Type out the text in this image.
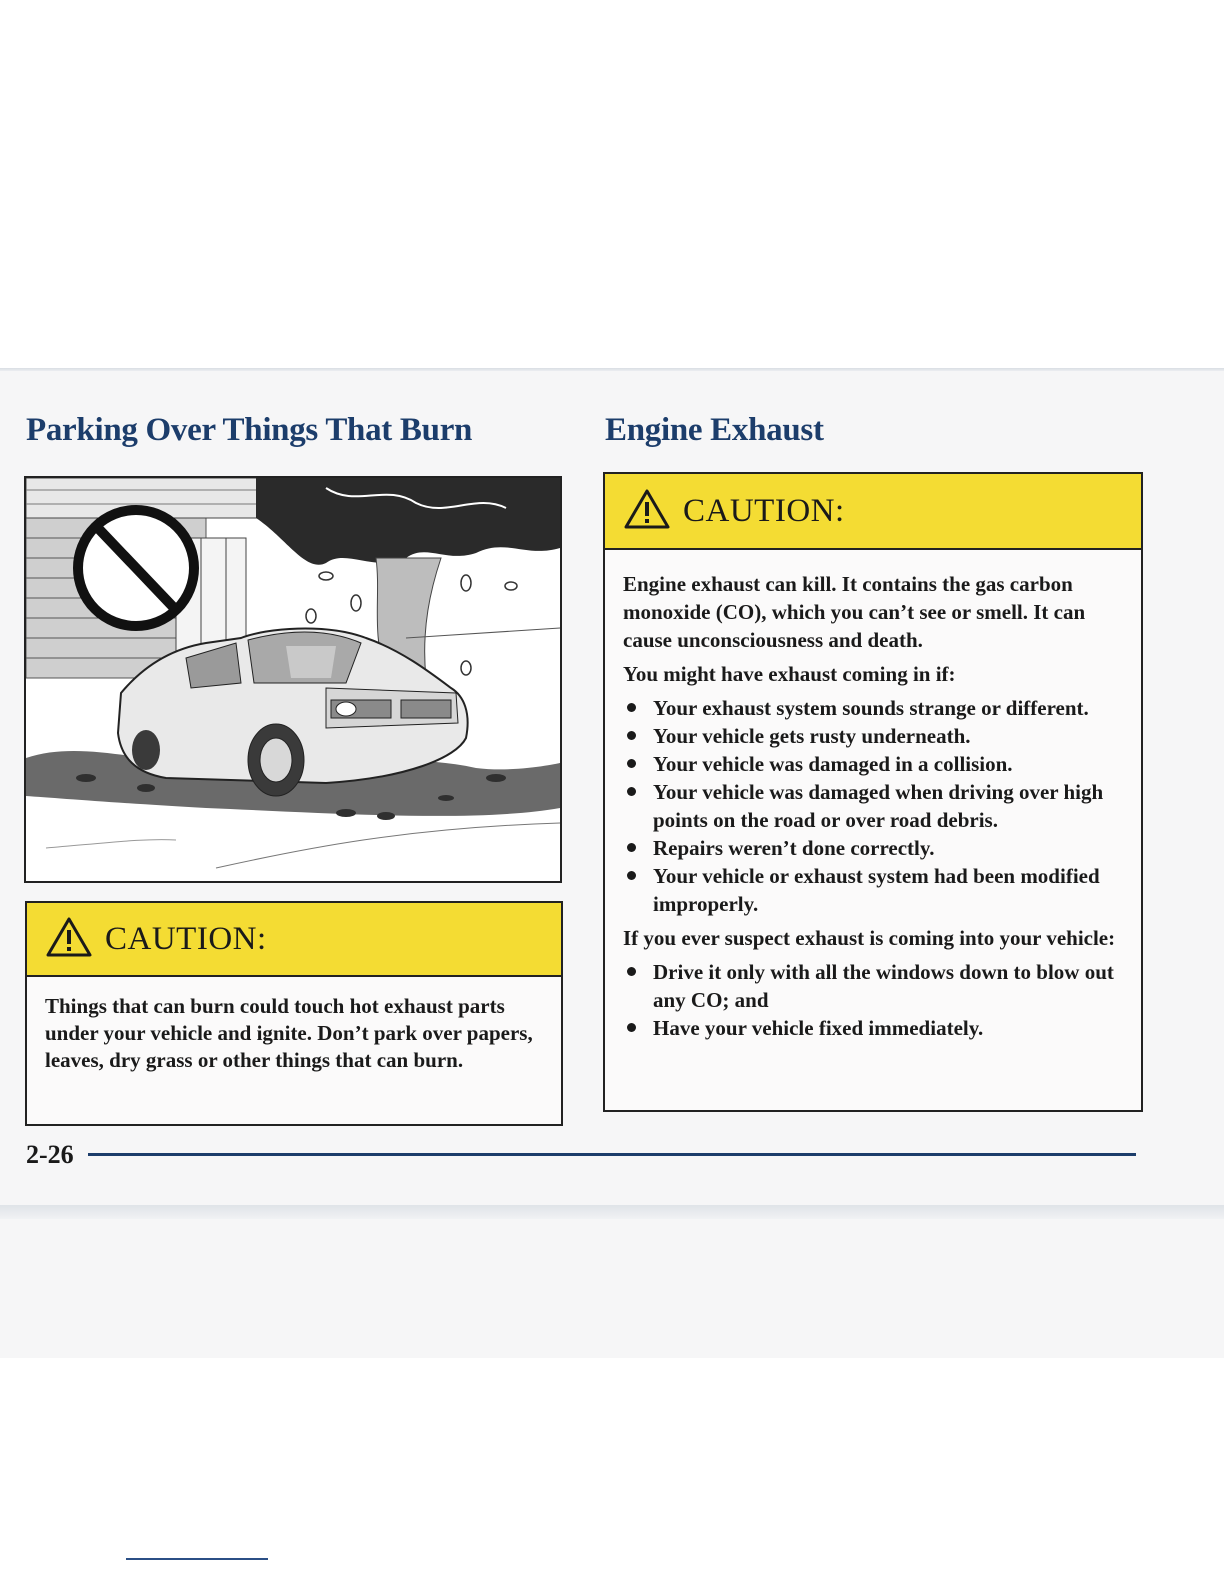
Parking Over Things That Burn	Engine Exhaust
CAUTION:

Things that can burn could touch hot exhaust parts under your vehicle and ignite. Don’t park over papers, leaves, dry grass or other things that can burn.

CAUTION:

Engine exhaust can kill. It contains the gas carbon monoxide (CO), which you can’t see or smell. It can cause unconsciousness and death.

You might have exhaust coming in if:

Your exhaust system sounds strange or different.
Your vehicle gets rusty underneath.
Your vehicle was damaged in a collision.
Your vehicle was damaged when driving over high points on the road or over road debris.
Repairs weren’t done correctly.
Your vehicle or exhaust system had been modified improperly.

If you ever suspect exhaust is coming into your vehicle:

Drive it only with all the windows down to blow out any CO; and
Have your vehicle fixed immediately.

2-26
